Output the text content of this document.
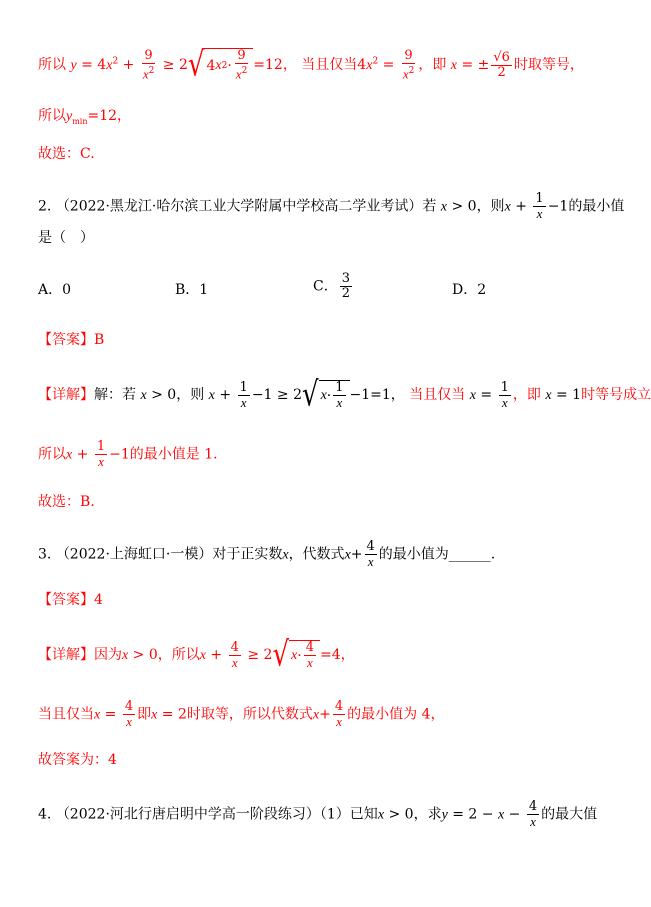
所以 $y = 4x^2 + \frac{9}{x^2} \ge 2$ √ 4 x $2 \cdot \frac{9}{x^2} =12$， 当且仅当$4x^2 = \frac{9}{x^2}$ ，即 x = ± $\frac{√6}{2}$ 时取等号，
所以$y_{min}=12$，
故选：C.
2. （2022·黑龙江·哈尔滨工业大学附属中学校高二学业考试）若 x > 0，则$x + \frac{1}{x} -1$的最小值
是（　）
A．0	B．1	C． $\frac{3}{2}$	D．2
【答案】B
【详解】解：若 x > 0，则 $x + \frac{1}{x} -1 \ge 2$ √ $x \cdot \frac{1}{x} -1=1$， 当且仅当 $x = \frac{1}{x}$ ，即 x = 1时等号成立
所以$x + \frac{1}{x} -1$的最小值是 1.
故选：B.
3. （2022·上海虹口·一模）对于正实数x，代数式$x+ \frac{4}{x}$ 的最小值为______.
【答案】4
【详解】因为x > 0，所以$x + \frac{4}{x} \ge 2$ √ $x \cdot \frac{4}{x} =4$，
当且仅当$x = \frac{4}{x}$ 即x = 2时取等，所以代数式$x+ \frac{4}{x}$ 的最小值为 4，
故答案为：4
4. （2022·河北行唐启明中学高一阶段练习）（1）已知x > 0，求$y = 2 - x - \frac{4}{x}$ 的最大值
